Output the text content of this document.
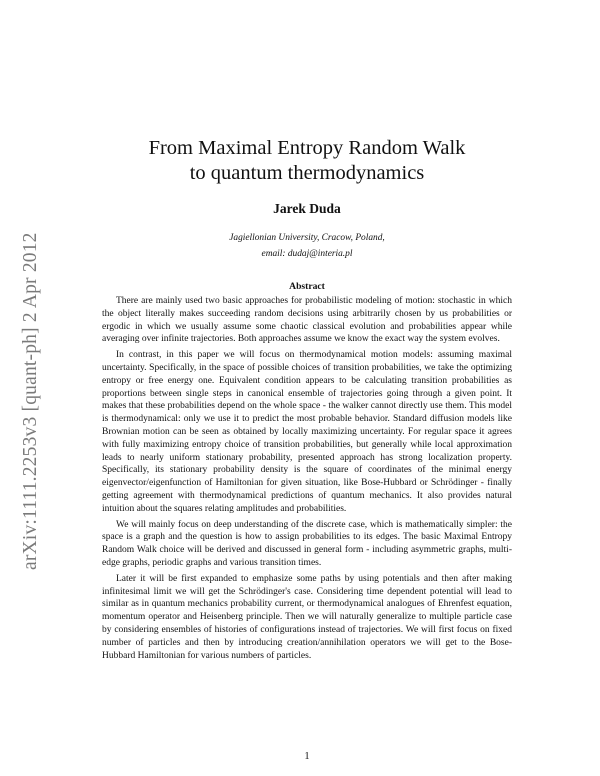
arXiv:1111.2253v3 [quant-ph] 2 Apr 2012
From Maximal Entropy Random Walk
to quantum thermodynamics

Jarek Duda

Jagiellonian University, Cracow, Poland,
email: dudaj@interia.pl

Abstract

There are mainly used two basic approaches for probabilistic modeling of motion: stochastic in which the object literally makes succeeding random decisions using arbitrarily chosen by us probabilities or ergodic in which we usually assume some chaotic classical evolution and probabilities appear while averaging over infinite trajectories. Both approaches assume we know the exact way the system evolves.

In contrast, in this paper we will focus on thermodynamical motion models: assuming maximal uncertainty. Specifically, in the space of possible choices of transition probabilities, we take the optimizing entropy or free energy one. Equivalent condition appears to be calculating transition probabilities as proportions between single steps in canonical ensemble of trajectories going through a given point. It makes that these probabilities depend on the whole space - the walker cannot directly use them. This model is thermodynamical: only we use it to predict the most probable behavior. Standard diffusion models like Brownian motion can be seen as obtained by locally maximizing uncertainty. For regular space it agrees with fully maximizing entropy choice of transition probabilities, but generally while local approximation leads to nearly uniform stationary probability, presented approach has strong localization property. Specifically, its stationary probability density is the square of coordinates of the minimal energy eigenvector/eigenfunction of Hamiltonian for given situation, like Bose-Hubbard or Schrödinger - finally getting agreement with thermodynamical predictions of quantum mechanics. It also provides natural intuition about the squares relating amplitudes and probabilities.

We will mainly focus on deep understanding of the discrete case, which is mathematically simpler: the space is a graph and the question is how to assign probabilities to its edges. The basic Maximal Entropy Random Walk choice will be derived and discussed in general form - including asymmetric graphs, multi-edge graphs, periodic graphs and various transition times.

Later it will be first expanded to emphasize some paths by using potentials and then after making infinitesimal limit we will get the Schrödinger's case. Considering time dependent potential will lead to similar as in quantum mechanics probability current, or thermodynamical analogues of Ehrenfest equation, momentum operator and Heisenberg principle. Then we will naturally generalize to multiple particle case by considering ensembles of histories of configurations instead of trajectories. We will first focus on fixed number of particles and then by introducing creation/annihilation operators we will get to the Bose-Hubbard Hamiltonian for various numbers of particles.

1
